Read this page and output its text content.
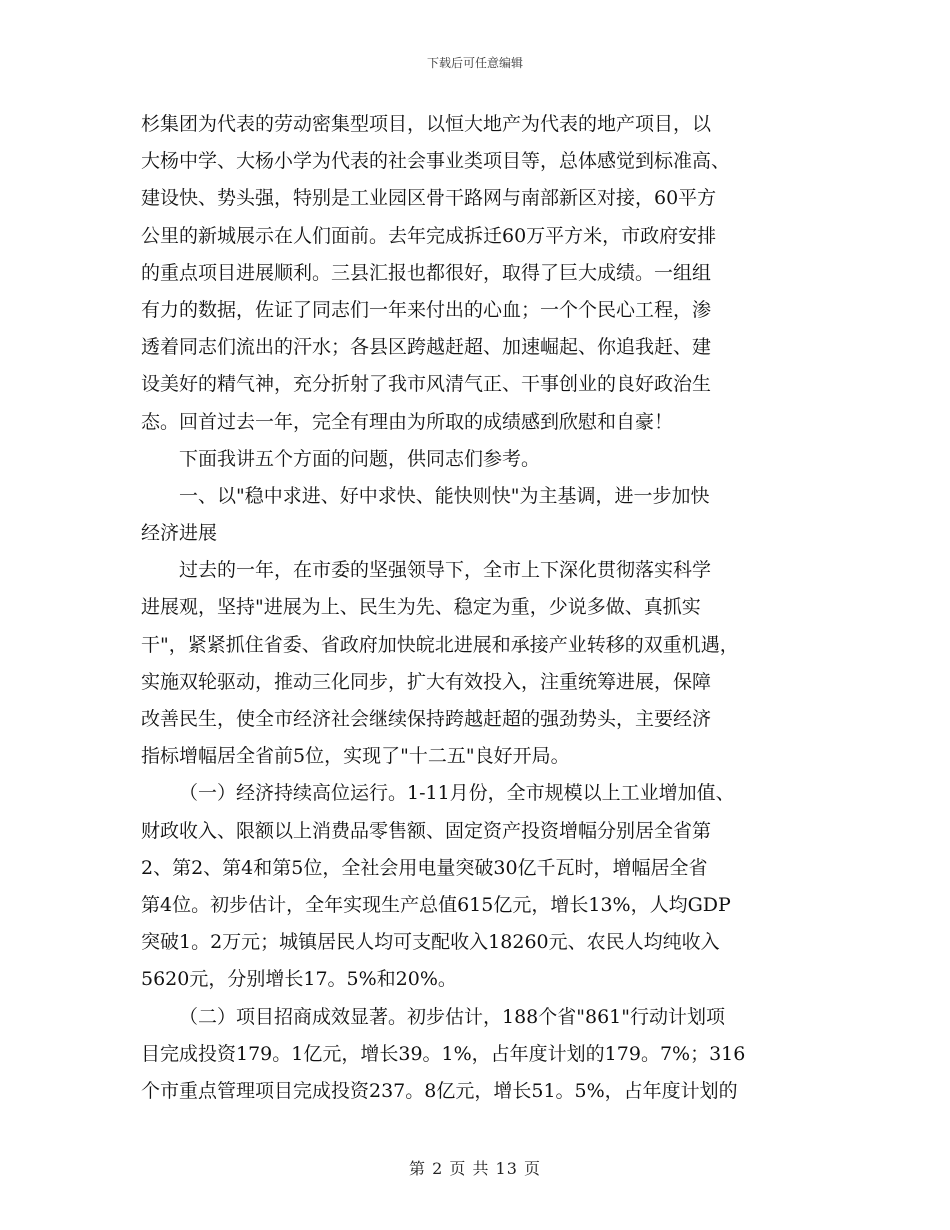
下载后可任意编辑
杉集团为代表的劳动密集型项目，以恒大地产为代表的地产项目，以
大杨中学、大杨小学为代表的社会事业类项目等，总体感觉到标准高、
建设快、势头强，特别是工业园区骨干路网与南部新区对接，60平方
公里的新城展示在人们面前。去年完成拆迁60万平方米，市政府安排
的重点项目进展顺利。三县汇报也都很好，取得了巨大成绩。一组组
有力的数据，佐证了同志们一年来付出的心血；一个个民心工程，渗
透着同志们流出的汗水；各县区跨越赶超、加速崛起、你追我赶、建
设美好的精气神，充分折射了我市风清气正、干事创业的良好政治生
态。回首过去一年，完全有理由为所取的成绩感到欣慰和自豪！
下面我讲五个方面的问题，供同志们参考。
一、以"稳中求进、好中求快、能快则快"为主基调，进一步加快
经济进展
过去的一年，在市委的坚强领导下，全市上下深化贯彻落实科学
进展观，坚持"进展为上、民生为先、稳定为重，少说多做、真抓实
干"，紧紧抓住省委、省政府加快皖北进展和承接产业转移的双重机遇，
实施双轮驱动，推动三化同步，扩大有效投入，注重统筹进展，保障
改善民生，使全市经济社会继续保持跨越赶超的强劲势头，主要经济
指标增幅居全省前5位，实现了"十二五"良好开局。
（一）经济持续高位运行。1-11月份，全市规模以上工业增加值、
财政收入、限额以上消费品零售额、固定资产投资增幅分别居全省第
2、第2、第4和第5位，全社会用电量突破30亿千瓦时，增幅居全省
第4位。初步估计，全年实现生产总值615亿元，增长13%，人均GDP
突破1。2万元；城镇居民人均可支配收入18260元、农民人均纯收入
5620元，分别增长17。5%和20%。
（二）项目招商成效显著。初步估计，188个省"861"行动计划项
目完成投资179。1亿元，增长39。1%，占年度计划的179。7%；316
个市重点管理项目完成投资237。8亿元，增长51。5%，占年度计划的
第 2 页 共 13 页
